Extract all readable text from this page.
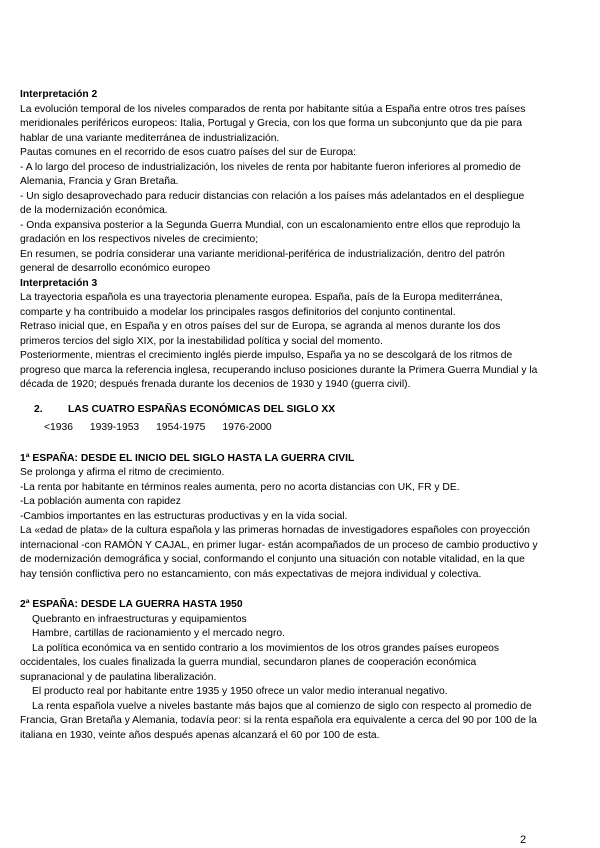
Interpretación 2

La evolución temporal de los niveles comparados de renta por habitante sitúa a España entre otros tres países

meridionales periféricos europeos: Italia, Portugal y Grecia, con los que forma un subconjunto que da pie para

hablar de una variante mediterránea de industrialización.

Pautas comunes en el recorrido de esos cuatro países del sur de Europa:

- A lo largo del proceso de industrialización, los niveles de renta por habitante fueron inferiores al promedio de

Alemania, Francia y Gran Bretaña.

- Un siglo desaprovechado para reducir distancias con relación a los países más adelantados en el despliegue

de la modernización económica.

- Onda expansiva posterior a la Segunda Guerra Mundial, con un escalonamiento entre ellos que reprodujo la

gradación en los respectivos niveles de crecimiento;

En resumen, se podría considerar una variante meridional-periférica de industrialización, dentro del patrón

general de desarrollo económico europeo

Interpretación 3

La trayectoria española es una trayectoria plenamente europea. España, país de la Europa mediterránea,

comparte y ha contribuido a modelar los principales rasgos definitorios del conjunto continental.

Retraso inicial que, en España y en otros países del sur de Europa, se agranda al menos durante los dos

primeros tercios del siglo XIX, por la inestabilidad política y social del momento.

Posteriormente, mientras el crecimiento inglés pierde impulso, España ya no se descolgará de los ritmos de

progreso que marca la referencia inglesa, recuperando incluso posiciones durante la Primera Guerra Mundial y la

década de 1920; después frenada durante los decenios de 1930 y 1940 (guerra civil).

2. LAS CUATRO ESPAÑAS ECONÓMICAS DEL SIGLO XX

<1936 1939-1953 1954-1975 1976-2000

1ª ESPAÑA: DESDE EL INICIO DEL SIGLO HASTA LA GUERRA CIVIL

Se prolonga y afirma el ritmo de crecimiento.

-La renta por habitante en términos reales aumenta, pero no acorta distancias con UK, FR y DE.

-La población aumenta con rapidez

-Cambios importantes en las estructuras productivas y en la vida social.

La «edad de plata» de la cultura española y las primeras hornadas de investigadores españoles con proyección

internacional -con RAMÓN Y CAJAL, en primer lugar- están acompañados de un proceso de cambio productivo y

de modernización demográfica y social, conformando el conjunto una situación con notable vitalidad, en la que

hay tensión conflictiva pero no estancamiento, con más expectativas de mejora individual y colectiva.

2ª ESPAÑA: DESDE LA GUERRA HASTA 1950

Quebranto en infraestructuras y equipamientos

Hambre, cartillas de racionamiento y el mercado negro.

La política económica va en sentido contrario a los movimientos de los otros grandes países europeos

occidentales, los cuales finalizada la guerra mundial, secundaron planes de cooperación económica

supranacional y de paulatina liberalización.

El producto real por habitante entre 1935 y 1950 ofrece un valor medio interanual negativo.

La renta española vuelve a niveles bastante más bajos que al comienzo de siglo con respecto al promedio de

Francia, Gran Bretaña y Alemania, todavía peor: si la renta española era equivalente a cerca del 90 por 100 de la

italiana en 1930, veinte años después apenas alcanzará el 60 por 100 de esta.

2
